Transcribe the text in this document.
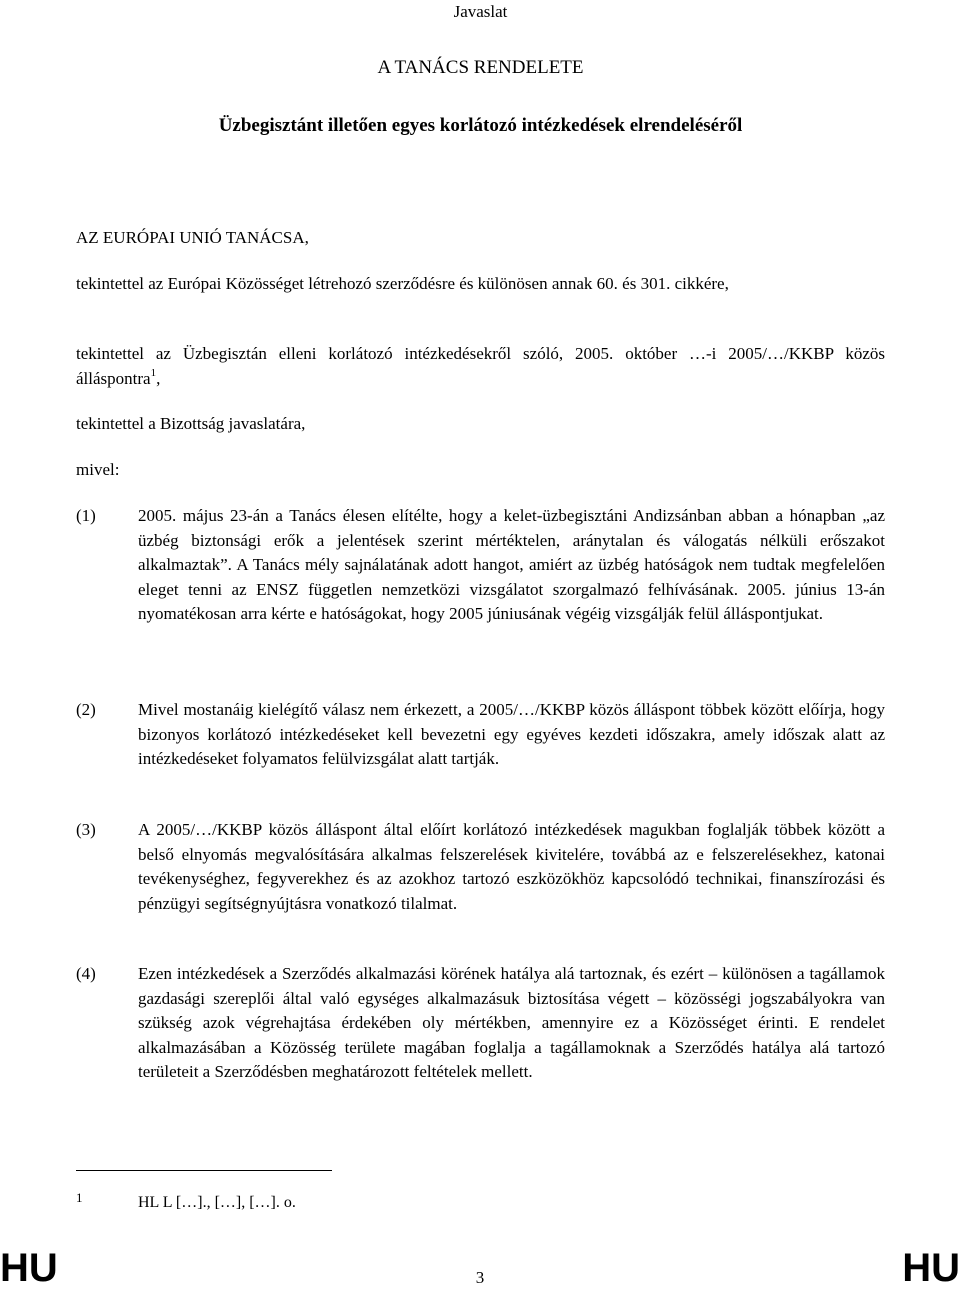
Javaslat
A TANÁCS RENDELETE
Üzbegisztánt illetően egyes korlátozó intézkedések elrendeléséről
AZ EURÓPAI UNIÓ TANÁCSA,
tekintettel az Európai Közösséget létrehozó szerződésre és különösen annak 60. és 301. cikkére,
tekintettel az Üzbegisztán elleni korlátozó intézkedésekről szóló, 2005. október …-i 2005/…/KKBP közös álláspontra$^1$,
tekintettel a Bizottság javaslatára,
mivel:
(1) 2005. május 23-án a Tanács élesen elítélte, hogy a kelet-üzbegisztáni Andizsánban abban a hónapban „az üzbég biztonsági erők a jelentések szerint mértéktelen, aránytalan és válogatás nélküli erőszakot alkalmaztak”. A Tanács mély sajnálatának adott hangot, amiért az üzbég hatóságok nem tudtak megfelelően eleget tenni az ENSZ független nemzetközi vizsgálatot szorgalmazó felhívásának. 2005. június 13-án nyomatékosan arra kérte e hatóságokat, hogy 2005 júniusának végéig vizsgálják felül álláspontjukat.
(2) Mivel mostanáig kielégítő válasz nem érkezett, a 2005/…/KKBP közös álláspont többek között előírja, hogy bizonyos korlátozó intézkedéseket kell bevezetni egy egyéves kezdeti időszakra, amely időszak alatt az intézkedéseket folyamatos felülvizsgálat alatt tartják.
(3) A 2005/…/KKBP közös álláspont által előírt korlátozó intézkedések magukban foglalják többek között a belső elnyomás megvalósítására alkalmas felszerelések kivitelére, továbbá az e felszerelésekhez, katonai tevékenységhez, fegyverekhez és az azokhoz tartozó eszközökhöz kapcsolódó technikai, finanszírozási és pénzügyi segítségnyújtásra vonatkozó tilalmat.
(4) Ezen intézkedések a Szerződés alkalmazási körének hatálya alá tartoznak, és ezért – különösen a tagállamok gazdasági szereplői által való egységes alkalmazásuk biztosítása végett – közösségi jogszabályokra van szükség azok végrehajtása érdekében oly mértékben, amennyire ez a Közösséget érinti. E rendelet alkalmazásában a Közösség területe magában foglalja a tagállamoknak a Szerződés hatálya alá tartozó területeit a Szerződésben meghatározott feltételek mellett.
1	HL L […]., […], […]. o.
HU	HU
3
